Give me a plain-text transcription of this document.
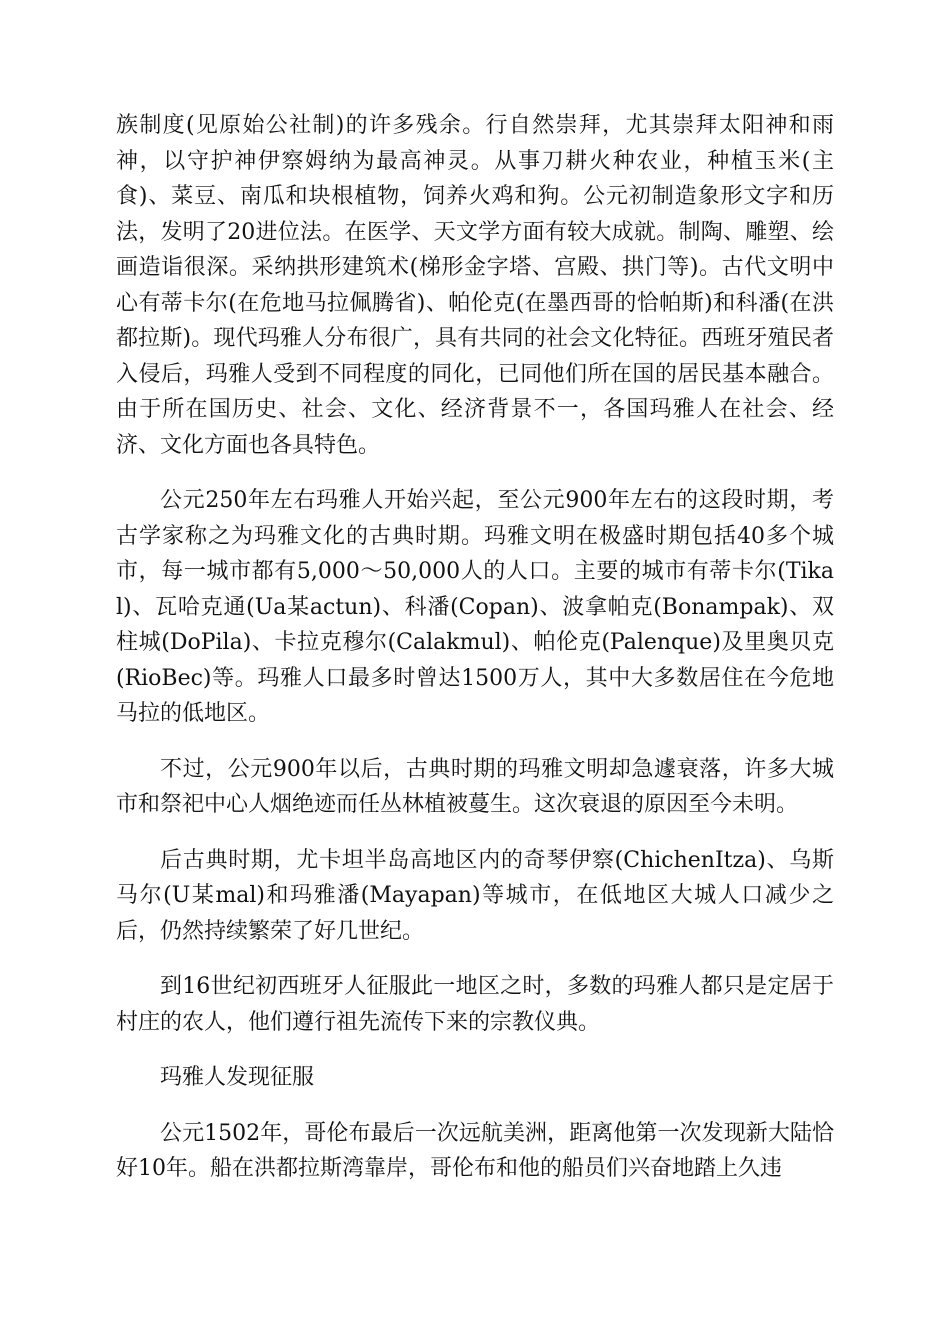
族制度(见原始公社制)的许多残余。行自然崇拜，尤其崇拜太阳神和雨神，以守护神伊察姆纳为最高神灵。从事刀耕火种农业，种植玉米(主食)、菜豆、南瓜和块根植物，饲养火鸡和狗。公元初制造象形文字和历法，发明了20进位法。在医学、天文学方面有较大成就。制陶、雕塑、绘画造诣很深。采纳拱形建筑术(梯形金字塔、宫殿、拱门等)。古代文明中心有蒂卡尔(在危地马拉佩腾省)、帕伦克(在墨西哥的恰帕斯)和科潘(在洪都拉斯)。现代玛雅人分布很广，具有共同的社会文化特征。西班牙殖民者入侵后，玛雅人受到不同程度的同化，已同他们所在国的居民基本融合。由于所在国历史、社会、文化、经济背景不一，各国玛雅人在社会、经济、文化方面也各具特色。

公元250年左右玛雅人开始兴起，至公元900年左右的这段时期，考古学家称之为玛雅文化的古典时期。玛雅文明在极盛时期包括40多个城市，每一城市都有5,000～50,000人的人口。主要的城市有蒂卡尔(Tikal)、瓦哈克通(Ua某actun)、科潘(Copan)、波拿帕克(Bonampak)、双柱城(DoPila)、卡拉克穆尔(Calakmul)、帕伦克(Palenque)及里奥贝克(RioBec)等。玛雅人口最多时曾达1500万人，其中大多数居住在今危地马拉的低地区。

不过，公元900年以后，古典时期的玛雅文明却急遽衰落，许多大城市和祭祀中心人烟绝迹而任丛林植被蔓生。这次衰退的原因至今未明。

后古典时期，尤卡坦半岛高地区内的奇琴伊察(ChichenItza)、乌斯马尔(U某mal)和玛雅潘(Mayapan)等城市，在低地区大城人口减少之后，仍然持续繁荣了好几世纪。

到16世纪初西班牙人征服此一地区之时，多数的玛雅人都只是定居于村庄的农人，他们遵行祖先流传下来的宗教仪典。

玛雅人发现征服

公元1502年，哥伦布最后一次远航美洲，距离他第一次发现新大陆恰好10年。船在洪都拉斯湾靠岸，哥伦布和他的船员们兴奋地踏上久违
